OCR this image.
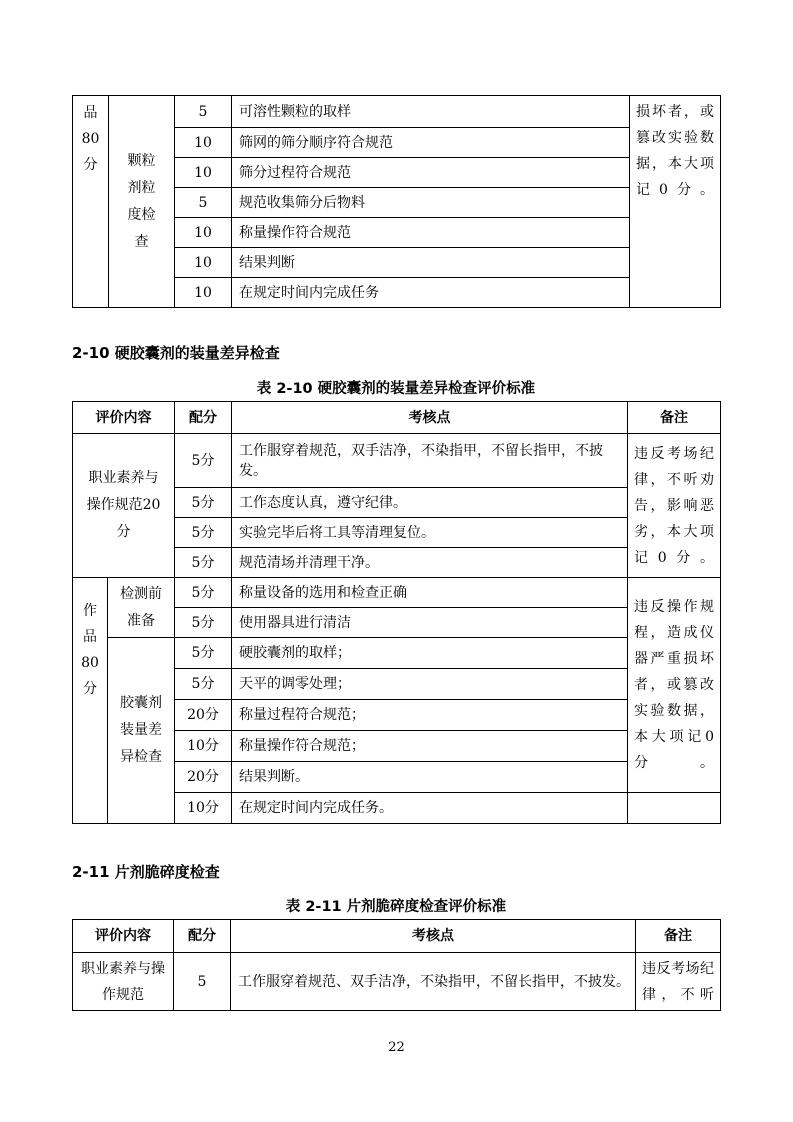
品
80
分	颗粒剂粒度检查	5	可溶性颗粒的取样	损坏者，或篡改实验数据，本大项记0分。
		10	筛网的筛分顺序符合规范	
		10	筛分过程符合规范	
		5	规范收集筛分后物料	
		10	称量操作符合规范	
		10	结果判断	
		10	在规定时间内完成任务	

2-10 硬胶囊剂的装量差异检查

表 2-10 硬胶囊剂的装量差异检查评价标准

评价内容		配分	考核点	备注
职业素养与操作规范20分		5分	工作服穿着规范，双手洁净，不染指甲，不留长指甲，不披发。	违反考场纪律，不听劝告，影响恶劣，本大项记0分。
		5分	工作态度认真，遵守纪律。	
		5分	实验完毕后将工具等清理复位。	
		5分	规范清场并清理干净。	

作
品
80
分	检测前准备	5分	称量设备的选用和检查正确	违反操作规程，造成仪器严重损坏者，或篡改实验数据，本大项记0分。
		5分	使用器具进行清洁	
	胶囊剂装量差异检查	5分	硬胶囊剂的取样；	
		5分	天平的调零处理；	
		20分	称量过程符合规范；	
		10分	称量操作符合规范；	
		20分	结果判断。	
		10分	在规定时间内完成任务。	

2-11 片剂脆碎度检查

表 2-11 片剂脆碎度检查评价标准

评价内容	配分	考核点	备注
职业素养与操作规范	5	工作服穿着规范、双手洁净，不染指甲，不留长指甲，不披发。	违反考场纪律，不听
22
